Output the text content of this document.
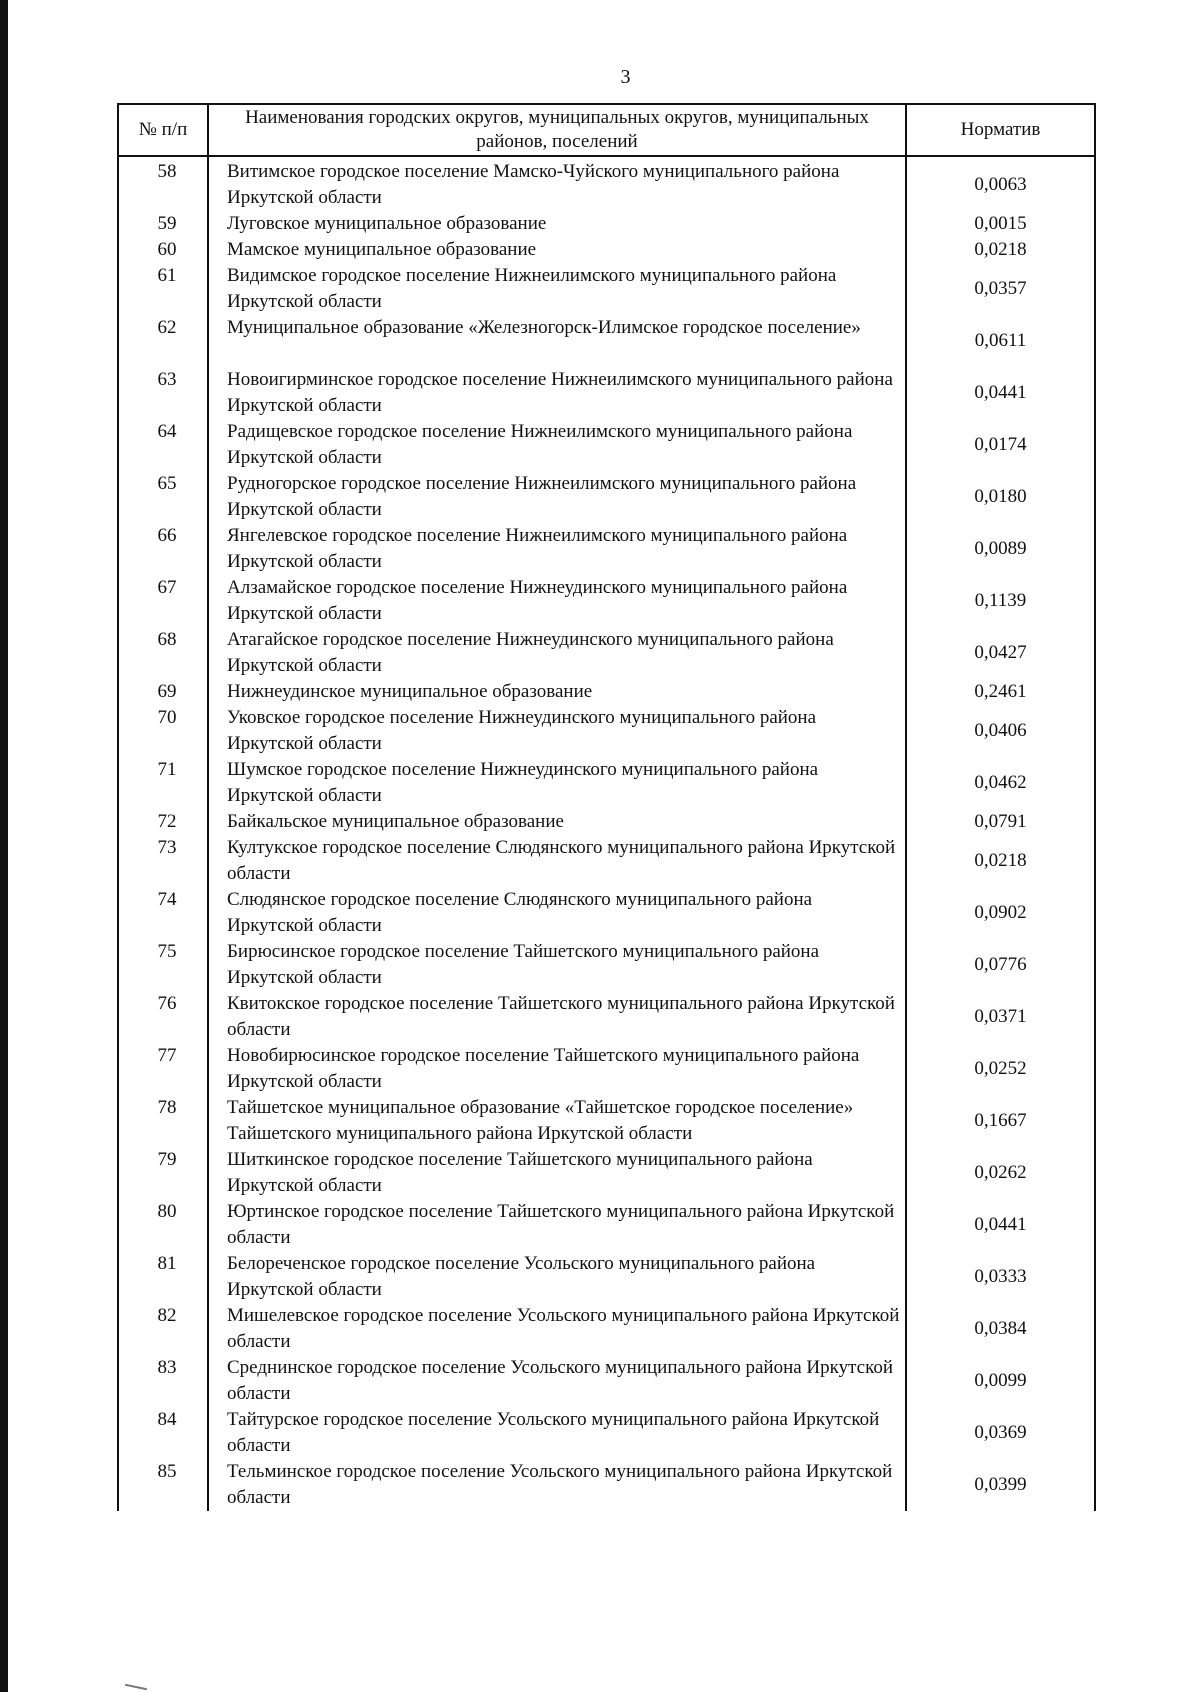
3
№ п/п	Наименования городских округов, муниципальных округов, муниципальных районов, поселений	Норматив
58	Витимское городское поселение Мамско-Чуйского муниципального района Иркутской области	0,0063
59	Луговское муниципальное образование	0,0015
60	Мамское муниципальное образование	0,0218
61	Видимское городское поселение Нижнеилимского муниципального района Иркутской области	0,0357
62	Муниципальное образование «Железногорск-Илимское городское поселение»	0,0611
63	Новоигирминское городское поселение Нижнеилимского муниципального района Иркутской области	0,0441
64	Радищевское городское поселение Нижнеилимского муниципального района Иркутской области	0,0174
65	Рудногорское городское поселение Нижнеилимского муниципального района Иркутской области	0,0180
66	Янгелевское городское поселение Нижнеилимского муниципального района Иркутской области	0,0089
67	Алзамайское городское поселение Нижнеудинского муниципального района Иркутской области	0,1139
68	Атагайское городское поселение Нижнеудинского муниципального района Иркутской области	0,0427
69	Нижнеудинское муниципальное образование	0,2461
70	Уковское городское поселение Нижнеудинского муниципального района Иркутской области	0,0406
71	Шумское городское поселение Нижнеудинского муниципального района Иркутской области	0,0462
72	Байкальское муниципальное образование	0,0791
73	Култукское городское поселение Слюдянского муниципального района Иркутской области	0,0218
74	Слюдянское городское поселение Слюдянского муниципального района Иркутской области	0,0902
75	Бирюсинское городское поселение Тайшетского муниципального района Иркутской области	0,0776
76	Квитокское городское поселение Тайшетского муниципального района Иркутской области	0,0371
77	Новобирюсинское городское поселение Тайшетского муниципального района Иркутской области	0,0252
78	Тайшетское муниципальное образование «Тайшетское городское поселение» Тайшетского муниципального района Иркутской области	0,1667
79	Шиткинское городское поселение Тайшетского муниципального района Иркутской области	0,0262
80	Юртинское городское поселение Тайшетского муниципального района Иркутской области	0,0441
81	Белореченское городское поселение Усольского муниципального района Иркутской области	0,0333
82	Мишелевское городское поселение Усольского муниципального района Иркутской области	0,0384
83	Среднинское городское поселение Усольского муниципального района Иркутской области	0,0099
84	Тайтурское городское поселение Усольского муниципального района Иркутской области	0,0369
85	Тельминское городское поселение Усольского муниципального района Иркутской области	0,0399
